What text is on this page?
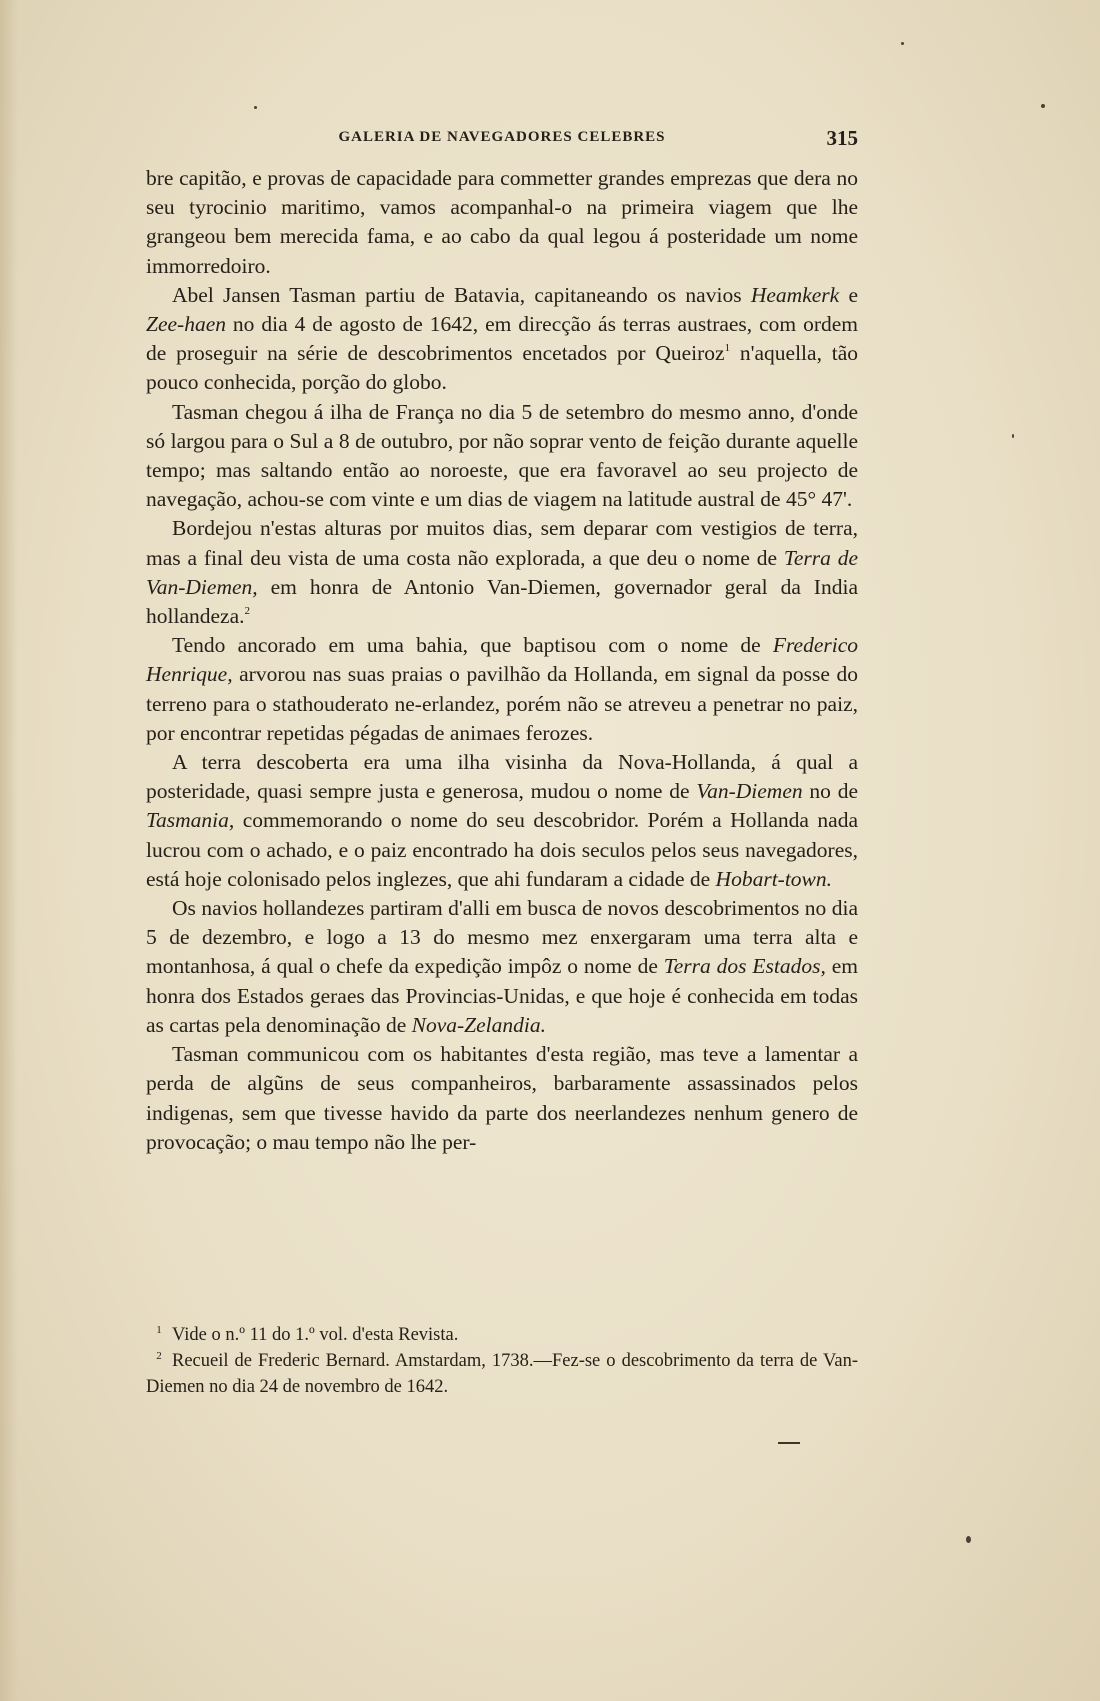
GALERIA DE NAVEGADORES CELEBRES	315

bre capitão, e provas de capacidade para commetter grandes emprezas que dera no seu tyrocinio maritimo, vamos acompanhal-o na primeira viagem que lhe grangeou bem merecida fama, e ao cabo da qual legou á posteridade um nome immorredoiro.

Abel Jansen Tasman partiu de Batavia, capitaneando os navios Heamkerk e Zee-haen no dia 4 de agosto de 1642, em direcção ás terras austraes, com ordem de proseguir na série de descobrimentos encetados por Queiroz$^1$ n'aquella, tão pouco conhecida, porção do globo.

Tasman chegou á ilha de França no dia 5 de setembro do mesmo anno, d'onde só largou para o Sul a 8 de outubro, por não soprar vento de feição durante aquelle tempo; mas saltando então ao noroeste, que era favoravel ao seu projecto de navegação, achou-se com vinte e um dias de viagem na latitude austral de 45° 47'.

Bordejou n'estas alturas por muitos dias, sem deparar com vestigios de terra, mas a final deu vista de uma costa não explorada, a que deu o nome de Terra de Van-Diemen, em honra de Antonio Van-Diemen, governador geral da India hollandeza.$^2$

Tendo ancorado em uma bahia, que baptisou com o nome de Frederico Henrique, arvorou nas suas praias o pavilhão da Hollanda, em signal da posse do terreno para o stathouderato ne-erlandez, porém não se atreveu a penetrar no paiz, por encontrar repetidas pégadas de animaes ferozes.

A terra descoberta era uma ilha visinha da Nova-Hollanda, á qual a posteridade, quasi sempre justa e generosa, mudou o nome de Van-Diemen no de Tasmania, commemorando o nome do seu descobridor. Porém a Hollanda nada lucrou com o achado, e o paiz encontrado ha dois seculos pelos seus navegadores, está hoje colonisado pelos inglezes, que ahi fundaram a cidade de Hobart-town.

Os navios hollandezes partiram d'alli em busca de novos descobrimentos no dia 5 de dezembro, e logo a 13 do mesmo mez enxergaram uma terra alta e montanhosa, á qual o chefe da expedição impôz o nome de Terra dos Estados, em honra dos Estados geraes das Provincias-Unidas, e que hoje é conhecida em todas as cartas pela denominação de Nova-Zelandia.

Tasman communicou com os habitantes d'esta região, mas teve a lamentar a perda de algũns de seus companheiros, barbaramente assassinados pelos indigenas, sem que tivesse havido da parte dos neerlandezes nenhum genero de provocação; o mau tempo não lhe per-

1 Vide o n.º 11 do 1.º vol. d'esta Revista.

2 Recueil de Frederic Bernard. Amstardam, 1738.—Fez-se o descobrimento da terra de Van-Diemen no dia 24 de novembro de 1642.
